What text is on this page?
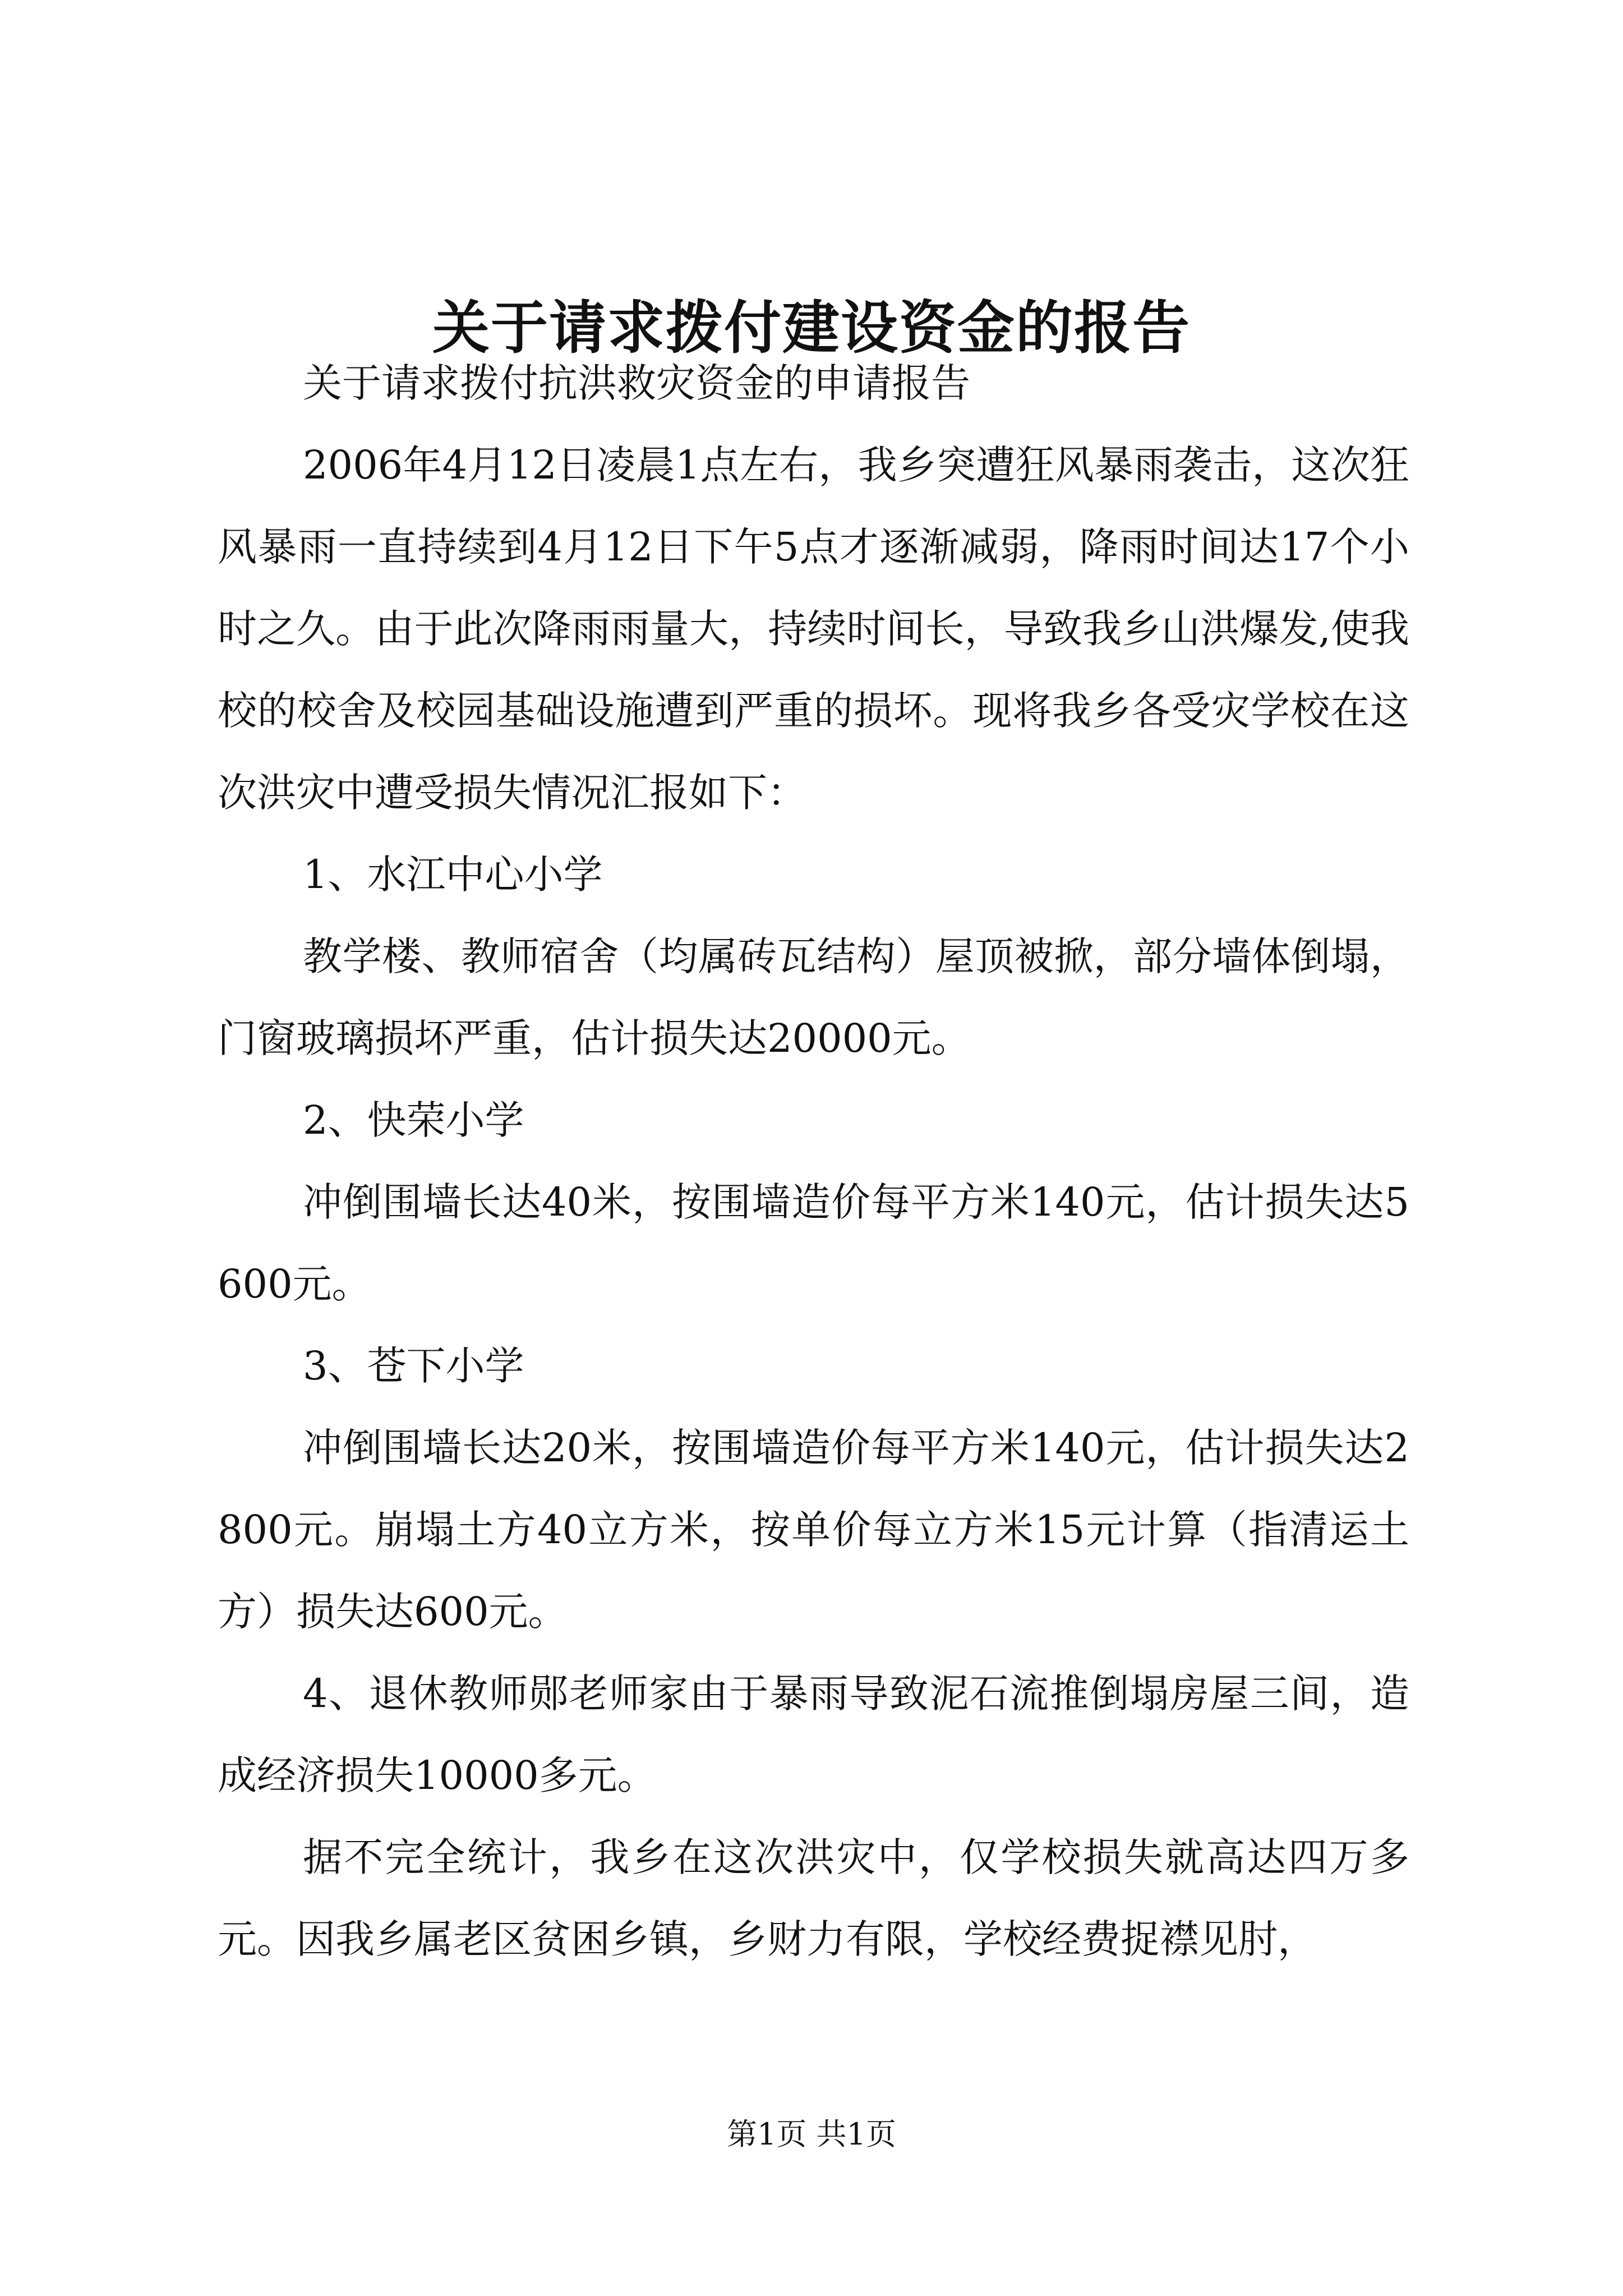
关于请求拨付建设资金的报告

关于请求拨付抗洪救灾资金的申请报告

2006年4月12日凌晨1点左右，我乡突遭狂风暴雨袭击，这次狂风暴雨一直持续到4月12日下午5点才逐渐减弱，降雨时间达17个小时之久。由于此次降雨雨量大，持续时间长，导致我乡山洪爆发,使我校的校舍及校园基础设施遭到严重的损坏。现将我乡各受灾学校在这次洪灾中遭受损失情况汇报如下：

1、水江中心小学

教学楼、教师宿舍（均属砖瓦结构）屋顶被掀，部分墙体倒塌，门窗玻璃损坏严重，估计损失达20000元。

2、快荣小学

冲倒围墙长达40米，按围墙造价每平方米140元，估计损失达5600元。

3、苍下小学

冲倒围墙长达20米，按围墙造价每平方米140元，估计损失达2800元。崩塌土方40立方米，按单价每立方米15元计算（指清运土方）损失达600元。

4、退休教师郧老师家由于暴雨导致泥石流推倒塌房屋三间，造成经济损失10000多元。

据不完全统计，我乡在这次洪灾中，仅学校损失就高达四万多元。因我乡属老区贫困乡镇，乡财力有限，学校经费捉襟见肘，

第1页 共1页
